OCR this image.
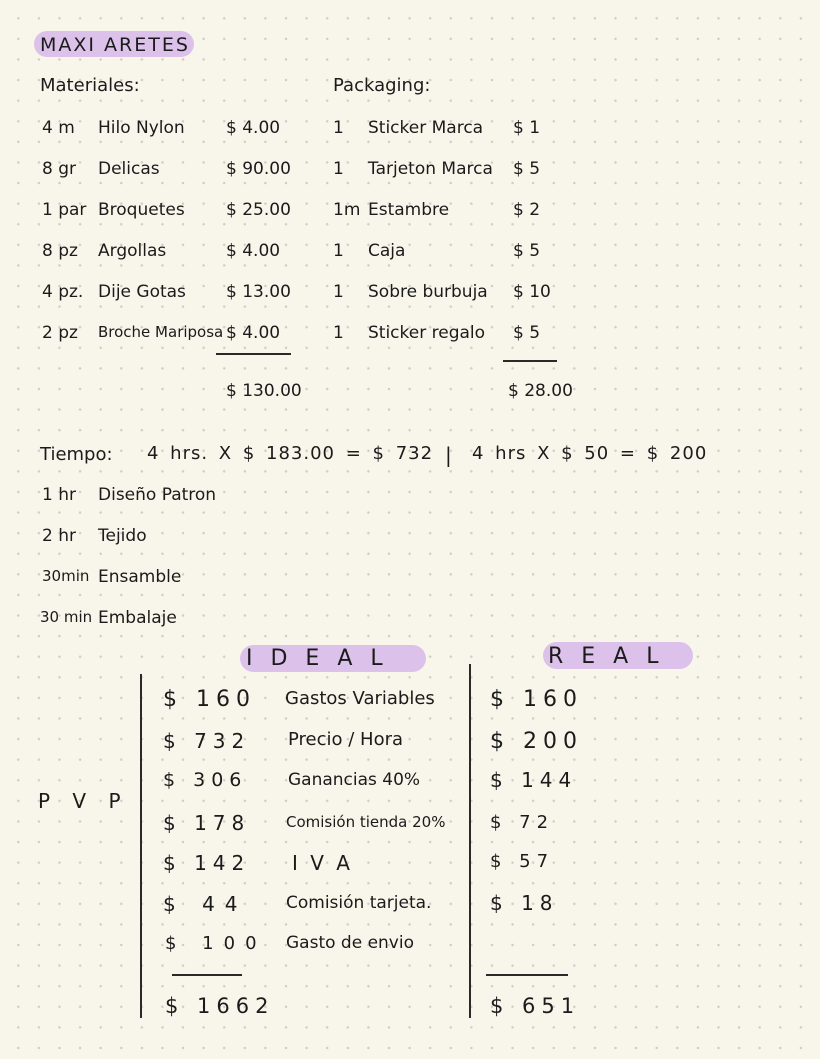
MAXI ARETES
Materiales:
4 m Hilo Nylon $ 4.00
8 gr Delicas	$ 90.00
1 par Broquetes $ 25.00
8 pz Argollas	$ 4.00
4 pz. Dije Gotas $ 13.00
2 pz Broche Mariposa $ 4.00
$ 130.00
Packaging:
1 Sticker Marca $ 1
1 Tarjeton Marca $ 5
1m Estambre	$ 2
1 Caja	$ 5
1 Sobre burbuja $ 10
1 Sticker regalo $ 5
$ 28.00
Tiempo: 4 hrs. X $ 183.00 = $ 732 | 4 hrs X $ 50 = $ 200
1 hr Diseño Patron
2 hr Tejido
30min Ensamble
30 min Embalaje
IDEAL	REAL
P V P
$ 160 Gastos Variables	$ 160
$ 732 Precio / Hora	$ 200
$ 306 Ganancias 40%	$ 144
$ 178 Comisión tienda 20% $ 72
$ 142 I V A	$ 57
$ 44 Comisión tarjeta.	$ 18
$ 100 Gasto de envio
$ 1662	$ 651
